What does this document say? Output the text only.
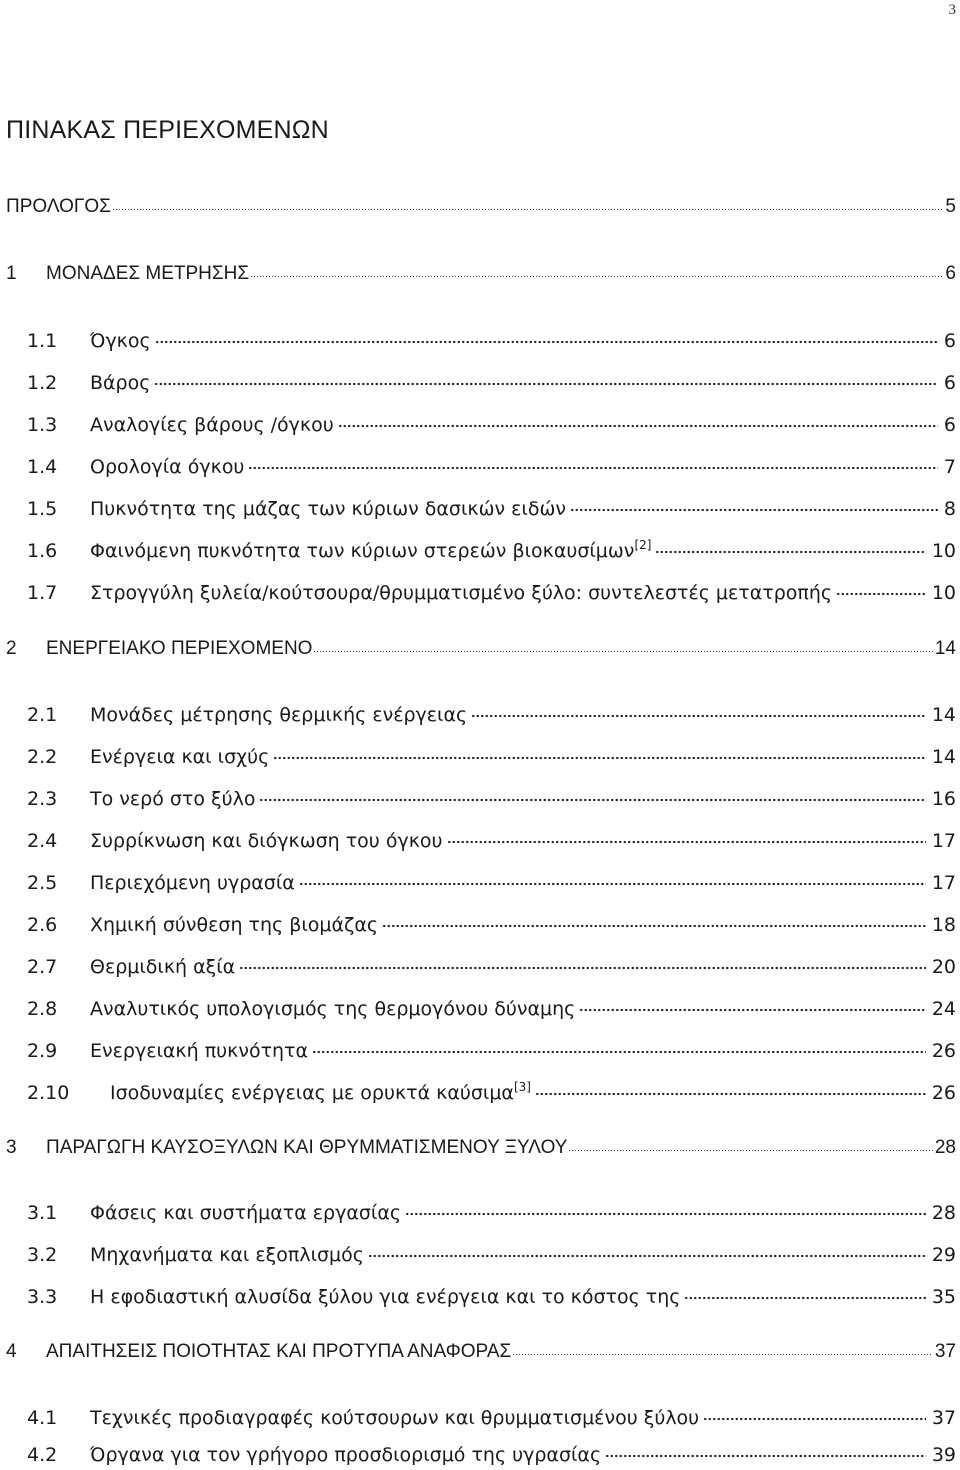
3
ΠΙΝΑΚΑΣ ΠΕΡΙΕΧΟΜΕΝΩΝ
ΠΡΟΛΟΓΟΣ	5
1	ΜΟΝΑΔΕΣ ΜΕΤΡΗΣΗΣ	6
1.1	Όγκος	6
1.2	Βάρος	6
1.3	Αναλογίες βάρους /όγκου	6
1.4	Ορολογία όγκου	7
1.5	Πυκνότητα της μάζας των κύριων δασικών ειδών	8
1.6	Φαινόμενη πυκνότητα των κύριων στερεών βιοκαυσίμων[2]	10
1.7	Στρογγύλη ξυλεία/κούτσουρα/θρυμματισμένο ξύλο: συντελεστές μετατροπής	10
2	ΕΝΕΡΓΕΙΑΚΟ ΠΕΡΙΕΧΟΜΕΝΟ	14
2.1	Μονάδες μέτρησης θερμικής ενέργειας	14
2.2	Ενέργεια και ισχύς	14
2.3	Το νερό στο ξύλο	16
2.4	Συρρίκνωση και διόγκωση του όγκου	17
2.5	Περιεχόμενη υγρασία	17
2.6	Χημική σύνθεση της βιομάζας	18
2.7	Θερμιδική αξία	20
2.8	Αναλυτικός υπολογισμός της θερμογόνου δύναμης	24
2.9	Ενεργειακή πυκνότητα	26
2.10	Ισοδυναμίες ενέργειας με ορυκτά καύσιμα[3]	26
3	ΠΑΡΑΓΩΓΗ ΚΑΥΣΟΞΥΛΩΝ ΚΑΙ ΘΡΥΜΜΑΤΙΣΜΕΝΟΥ ΞΥΛΟΥ	28
3.1	Φάσεις και συστήματα εργασίας	28
3.2	Μηχανήματα και εξοπλισμός	29
3.3	Η εφοδιαστική αλυσίδα ξύλου για ενέργεια και το κόστος της	35
4	ΑΠΑΙΤΗΣΕΙΣ ΠΟΙΟΤΗΤΑΣ ΚΑΙ ΠΡΟΤΥΠΑ ΑΝΑΦΟΡΑΣ	37
4.1	Τεχνικές προδιαγραφές κούτσουρων και θρυμματισμένου ξύλου	37
4.2	Όργανα για τον γρήγορο προσδιορισμό της υγρασίας	39
